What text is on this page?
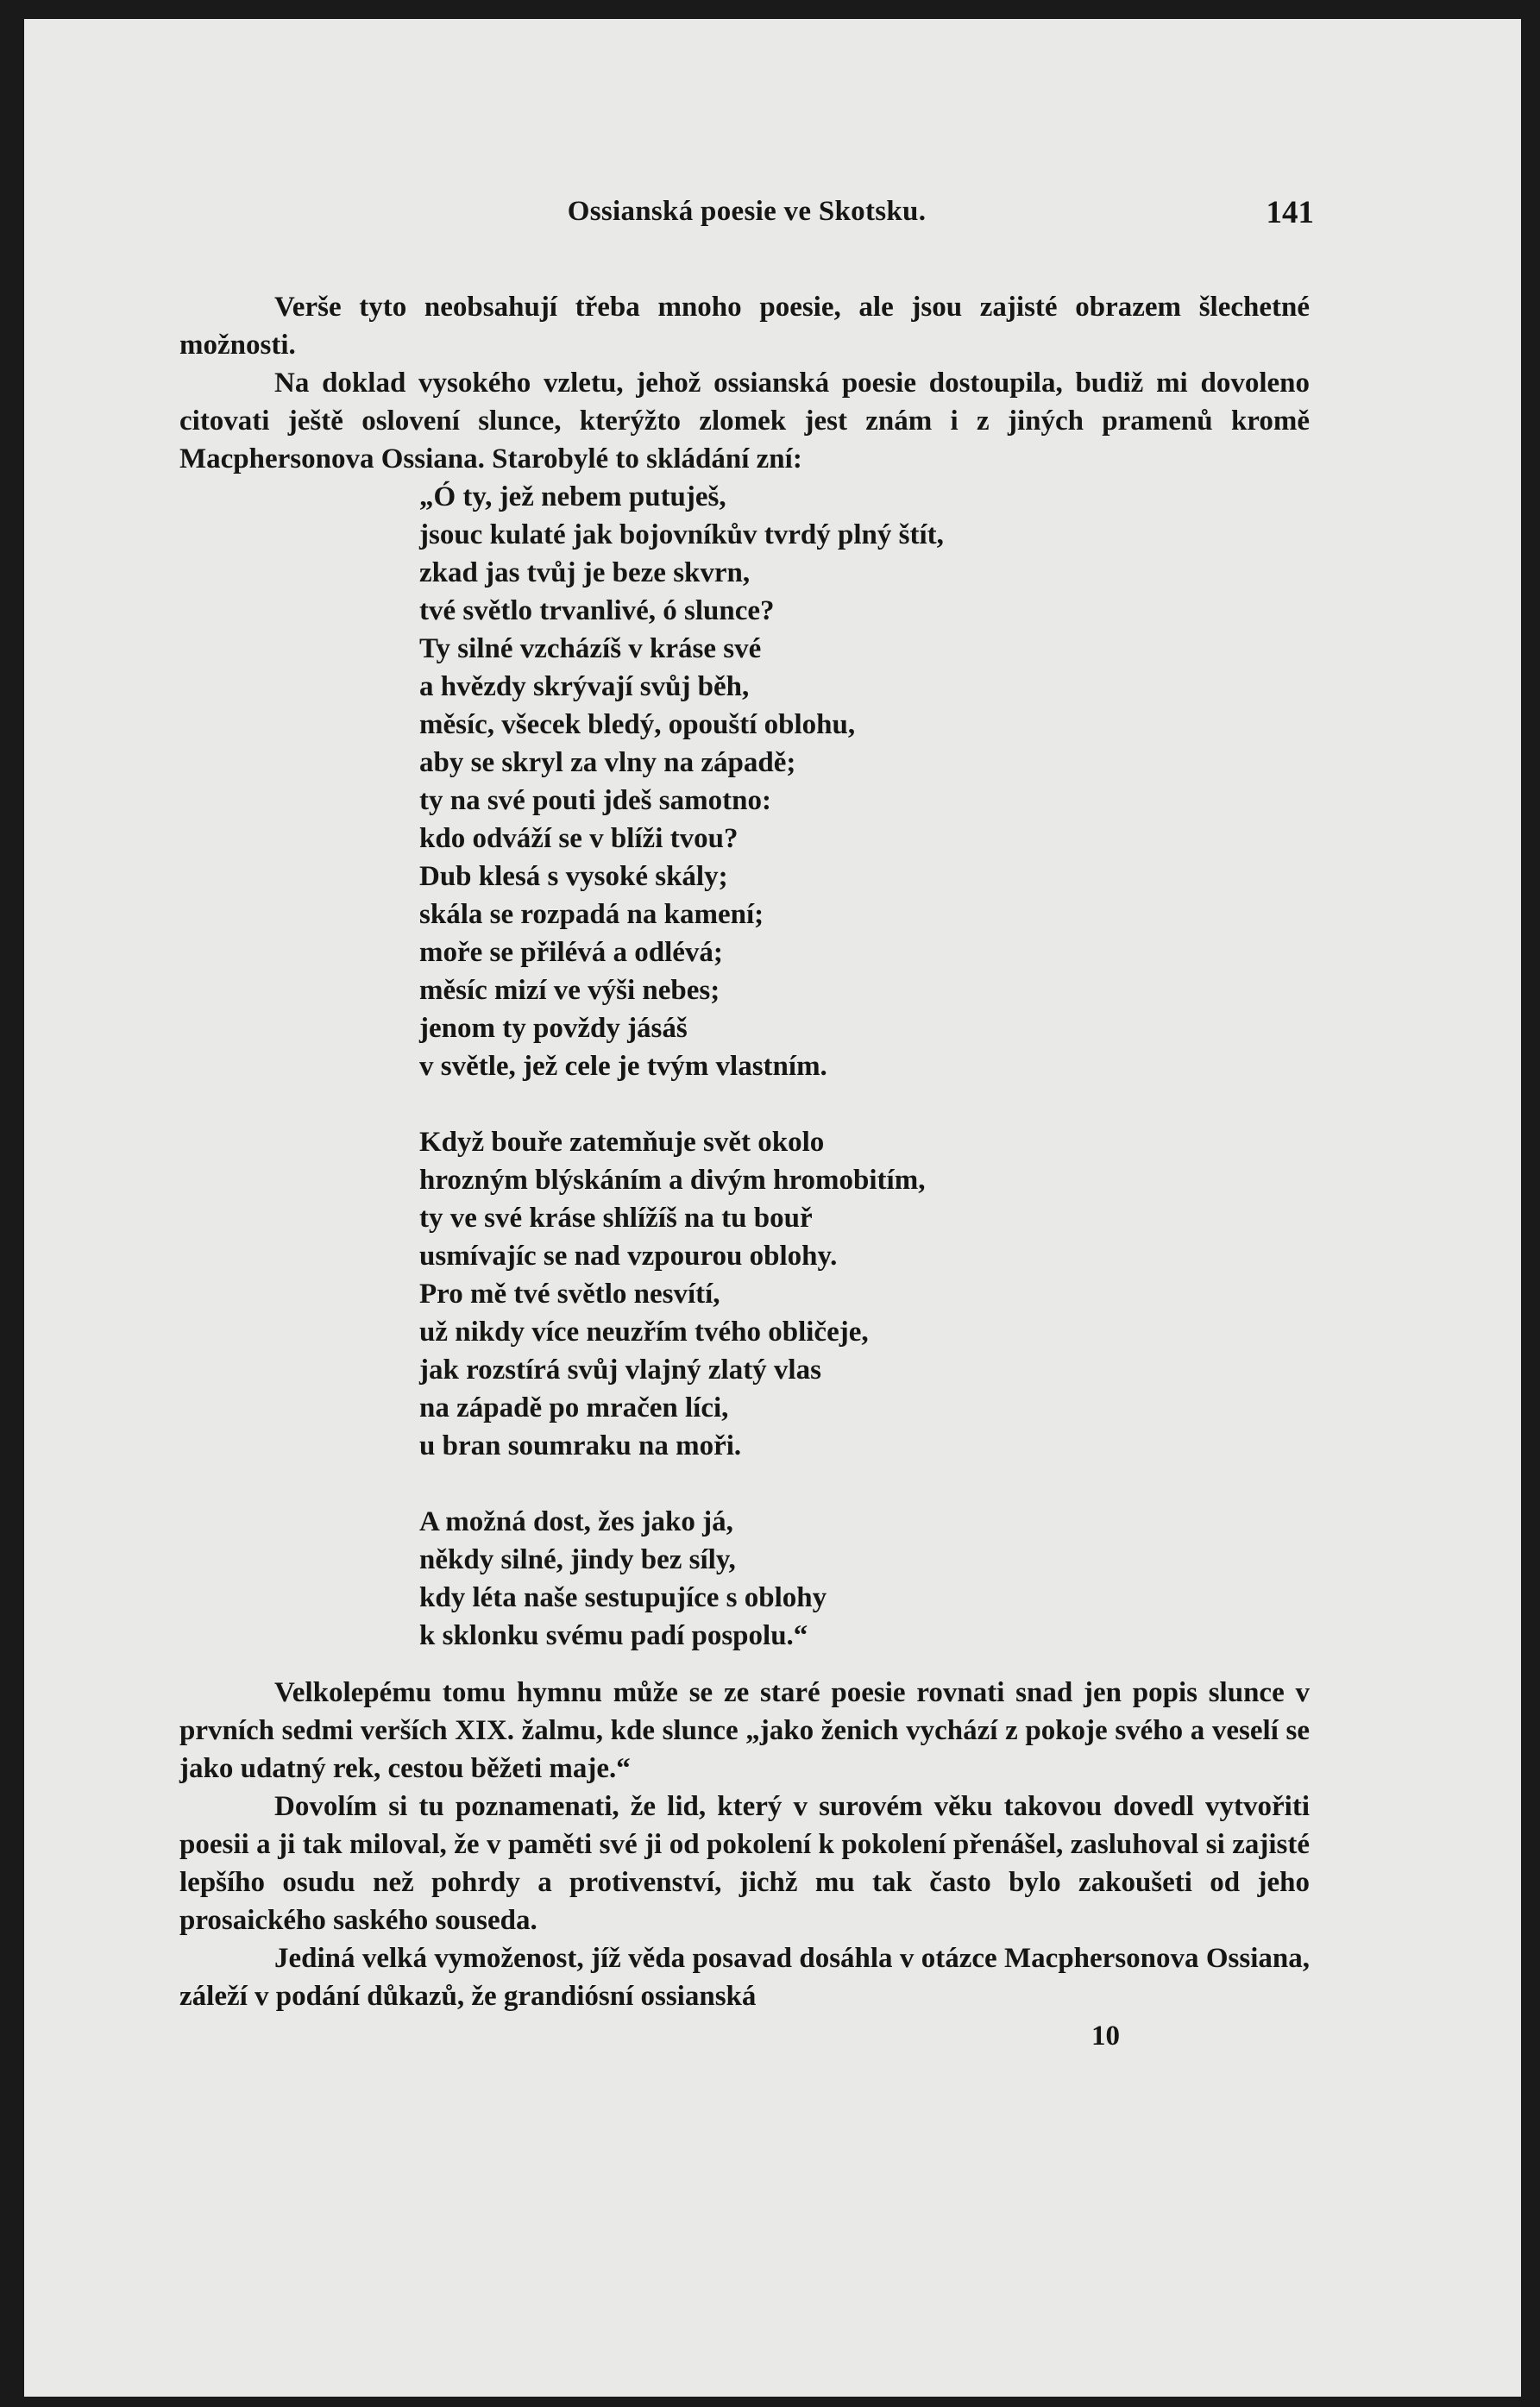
Ossianská poesie ve Skotsku.	141

Verše tyto neobsahují třeba mnoho poesie, ale jsou zajisté obrazem šlechetné možnosti.

Na doklad vysokého vzletu, jehož ossianská poesie dostoupila, budiž mi dovoleno citovati ještě oslovení slunce, kterýžto zlomek jest znám i z jiných pramenů kromě Macphersonova Ossiana. Starobylé to skládání zní:

„Ó ty, jež nebem putuješ,
jsouc kulaté jak bojovníkův tvrdý plný štít,
zkad jas tvůj je beze skvrn,
tvé světlo trvanlivé, ó slunce?
Ty silné vzcházíš v kráse své
a hvězdy skrývají svůj běh,
měsíc, všecek bledý, opouští oblohu,
aby se skryl za vlny na západě;
ty na své pouti jdeš samotno:
kdo odváží se v blíži tvou?
Dub klesá s vysoké skály;
skála se rozpadá na kamení;
moře se přilévá a odlévá;
měsíc mizí ve výši nebes;
jenom ty povždy jásáš
v světle, jež cele je tvým vlastním.
Když bouře zatemňuje svět okolo
hrozným blýskáním a divým hromobitím,
ty ve své kráse shlížíš na tu bouř
usmívajíc se nad vzpourou oblohy.
Pro mě tvé světlo nesvítí,
už nikdy více neuzřím tvého obličeje,
jak rozstírá svůj vlajný zlatý vlas
na západě po mračen líci,
u bran soumraku na moři.
A možná dost, žes jako já,
někdy silné, jindy bez síly,
kdy léta naše sestupujíce s oblohy
k sklonku svému padí pospolu.“

Velkolepému tomu hymnu může se ze staré poesie rovnati snad jen popis slunce v prvních sedmi verších XIX. žalmu, kde slunce „jako ženich vychází z pokoje svého a veselí se jako udatný rek, cestou běžeti maje.“

Dovolím si tu poznamenati, že lid, který v surovém věku takovou dovedl vytvořiti poesii a ji tak miloval, že v paměti své ji od pokolení k pokolení přenášel, zasluhoval si zajisté lepšího osudu než pohrdy a protivenství, jichž mu tak často bylo zakoušeti od jeho prosaického saského souseda.

Jediná velká vymoženost, jíž věda posavad dosáhla v otázce Macphersonova Ossiana, záleží v podání důkazů, že grandiósní ossianská

10
